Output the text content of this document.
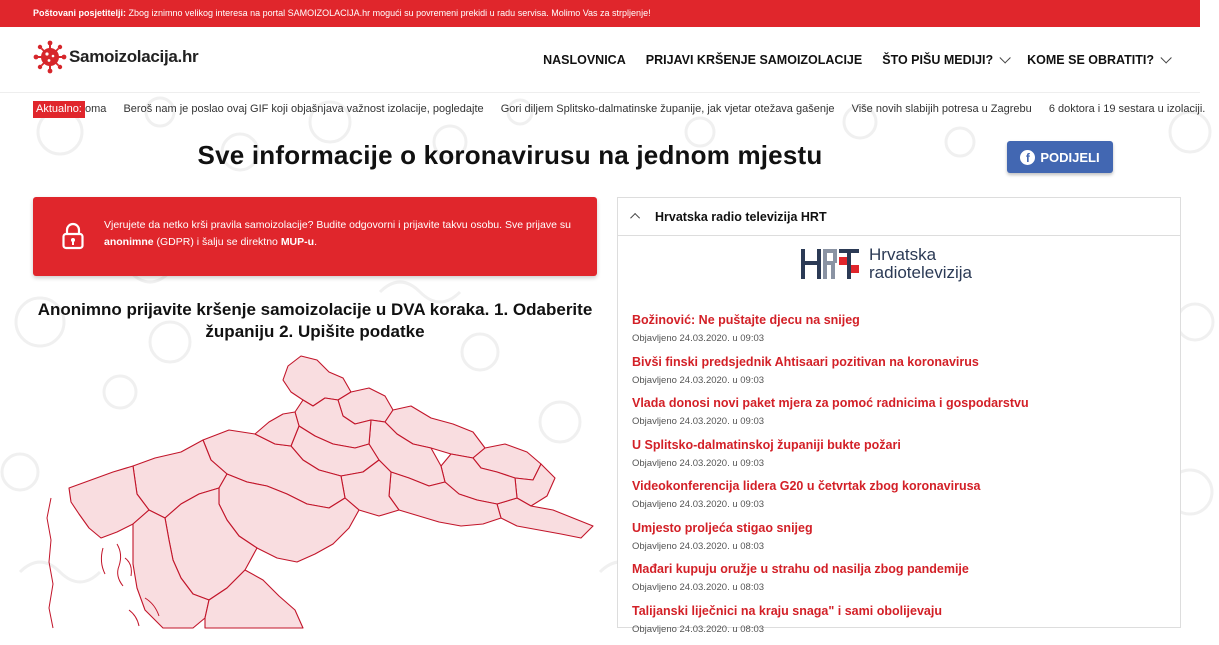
Poštovani posjetitelji: Zbog iznimno velikog interesa na portal SAMOIZOLACIJA.hr mogući su povremeni prekidi u radu servisa. Molimo Vas za strpljenje!
Samoizolacija.hr	NASLOVNICA PRIJAVI KRŠENJE SAMOIZOLACIJE ŠTO PIŠU MEDIJI?	KOME SE OBRATITI?
Aktualno: oma Beroš nam je poslao ovaj GIF koji objašnjava važnost izolacije, pogledajte Gori diljem Splitsko-dalmatinske županije, jak vjetar otežava gašenje Više novih slabijih potresa u Zagrebu 6 doktora i 19 sestara u izolaciji.
Sve informacije o koronavirusu na jednom mjestu	f PODIJELI
Vjerujete da netko krši pravila samoizolacije? Budite odgovorni i prijavite takvu osobu. Sve prijave su anonimne (GDPR) i šalju se direktno MUP-u.
Anonimno prijavite kršenje samoizolacije u DVA koraka. 1. Odaberite županiju 2. Upišite podatke
Hrvatska radio televizija HRT
Hrvatska
radiotelevizija
Božinović: Ne puštajte djecu na snijeg
Objavljeno 24.03.2020. u 09:03
Bivši finski predsjednik Ahtisaari pozitivan na koronavirus
Objavljeno 24.03.2020. u 09:03
Vlada donosi novi paket mjera za pomoć radnicima i gospodarstvu
Objavljeno 24.03.2020. u 09:03
U Splitsko-dalmatinskoj županiji bukte požari
Objavljeno 24.03.2020. u 09:03
Videokonferencija lidera G20 u četvrtak zbog koronavirusa
Objavljeno 24.03.2020. u 09:03
Umjesto proljeća stigao snijeg
Objavljeno 24.03.2020. u 08:03
Mađari kupuju oružje u strahu od nasilja zbog pandemije
Objavljeno 24.03.2020. u 08:03
Talijanski liječnici na kraju snaga" i sami obolijevaju
Objavljeno 24.03.2020. u 08:03
